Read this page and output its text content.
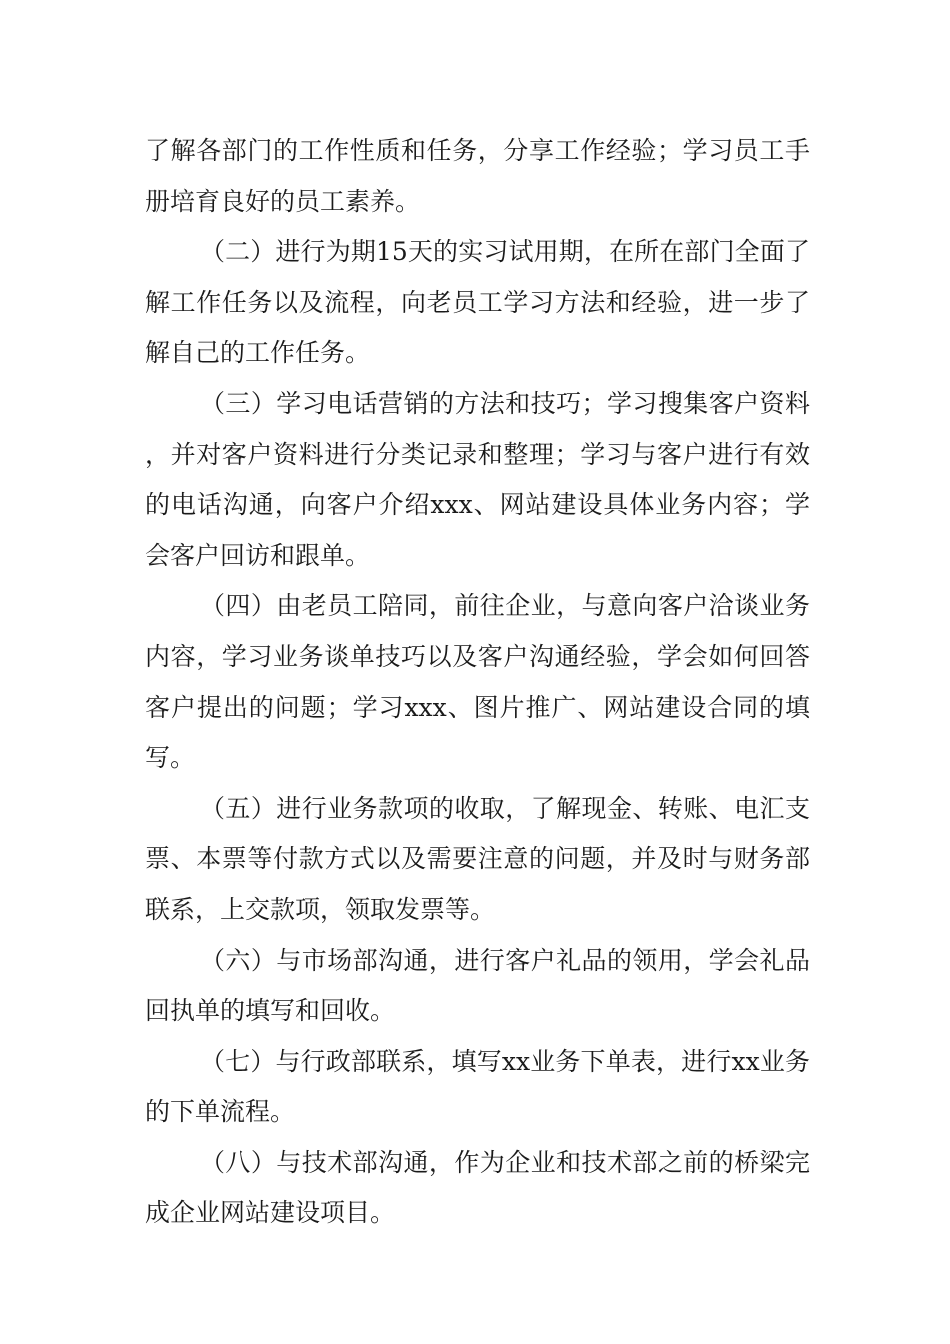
了解各部门的工作性质和任务，分享工作经验；学习员工手册培育良好的员工素养。

（二）进行为期15天的实习试用期，在所在部门全面了解工作任务以及流程，向老员工学习方法和经验，进一步了解自己的工作任务。

（三）学习电话营销的方法和技巧；学习搜集客户资料，并对客户资料进行分类记录和整理；学习与客户进行有效的电话沟通，向客户介绍xxx、网站建设具体业务内容；学会客户回访和跟单。

（四）由老员工陪同，前往企业，与意向客户洽谈业务内容，学习业务谈单技巧以及客户沟通经验，学会如何回答客户提出的问题；学习xxx、图片推广、网站建设合同的填写。

（五）进行业务款项的收取，了解现金、转账、电汇支票、本票等付款方式以及需要注意的问题，并及时与财务部联系，上交款项，领取发票等。

（六）与市场部沟通，进行客户礼品的领用，学会礼品回执单的填写和回收。

（七）与行政部联系，填写xx业务下单表，进行xx业务的下单流程。

（八）与技术部沟通，作为企业和技术部之前的桥梁完成企业网站建设项目。
